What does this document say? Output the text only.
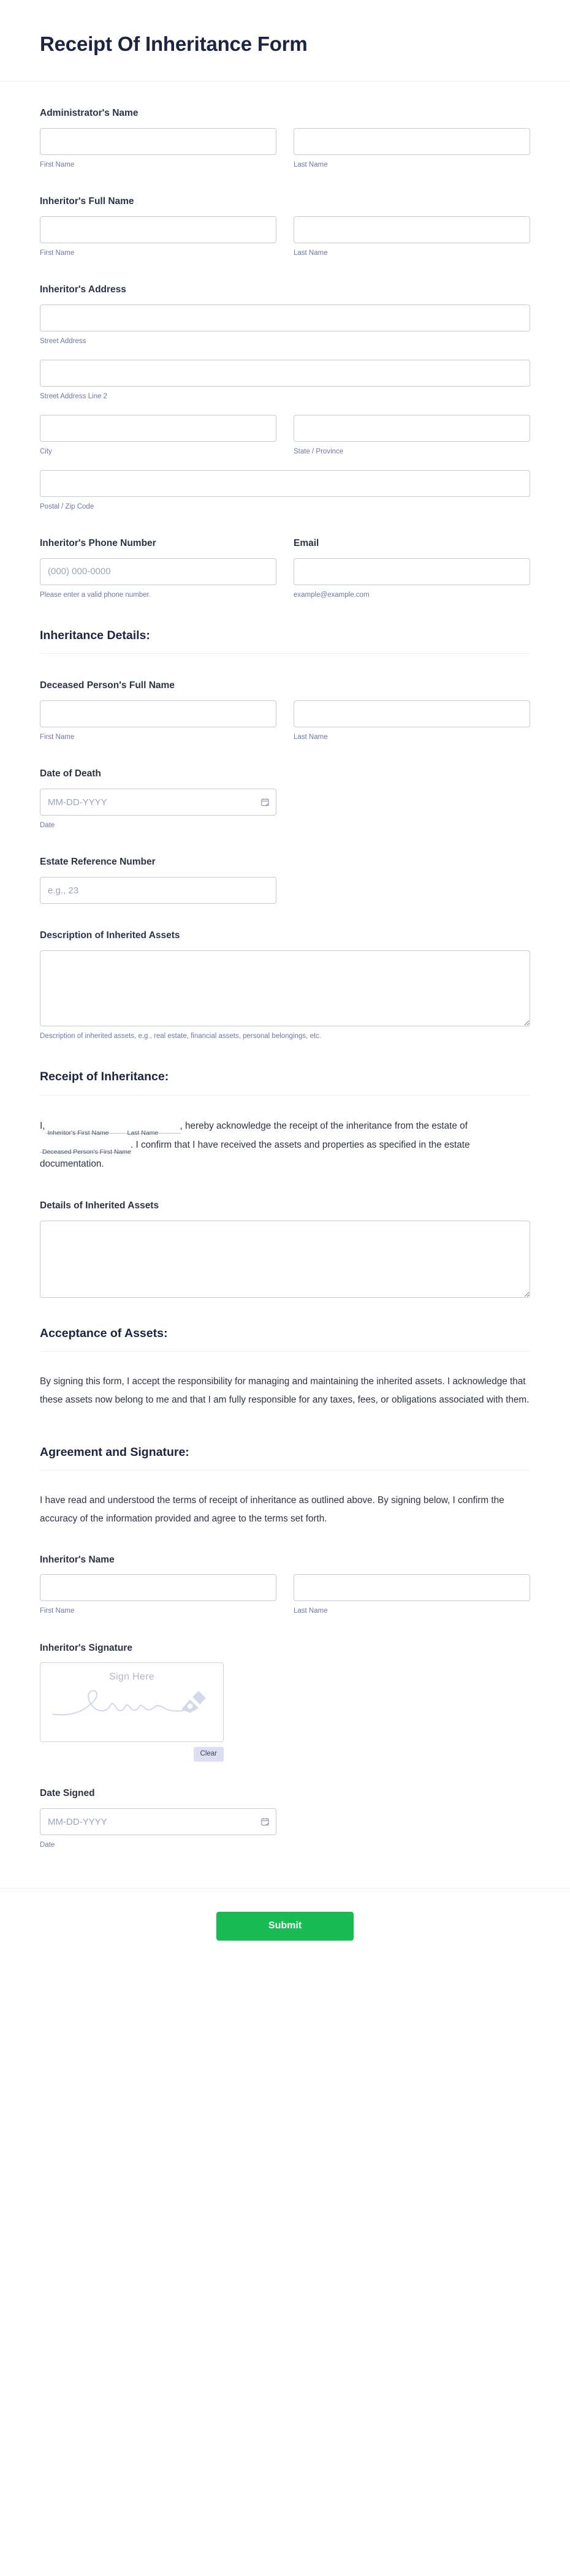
Receipt Of Inheritance Form
Administrator's Name
First Name	Last Name
Inheritor's Full Name
First Name	Last Name
Inheritor's Address
Street Address
Street Address Line 2
City	State / Province
Postal / Zip Code
Inheritor's Phone Number	Email
(000) 000-0000
Please enter a valid phone number.	example@example.com
Inheritance Details:
Deceased Person's Full Name
First Name	Last Name
Date of Death
MM-DD-YYYY
Date
Estate Reference Number
e.g., 23
Description of Inherited Assets
Description of inherited assets, e.g., real estate, financial assets, personal belongings, etc.
Receipt of Inheritance:
I,
Inheritor's First Name	Last Name
, hereby acknowledge the receipt of the inheritance from the estate of
Deceased Person's First Name
. I confirm that I have received the assets and properties as specified in the estate documentation.
Details of Inherited Assets
Acceptance of Assets:
By signing this form, I accept the responsibility for managing and maintaining the inherited assets. I acknowledge that these assets now belong to me and that I am fully responsible for any taxes, fees, or obligations associated with them.
Agreement and Signature:
I have read and understood the terms of receipt of inheritance as outlined above. By signing below, I confirm the accuracy of the information provided and agree to the terms set forth.
Inheritor's Name
First Name	Last Name
Inheritor's Signature
Sign Here
Clear
Date Signed
MM-DD-YYYY
Date
Submit
